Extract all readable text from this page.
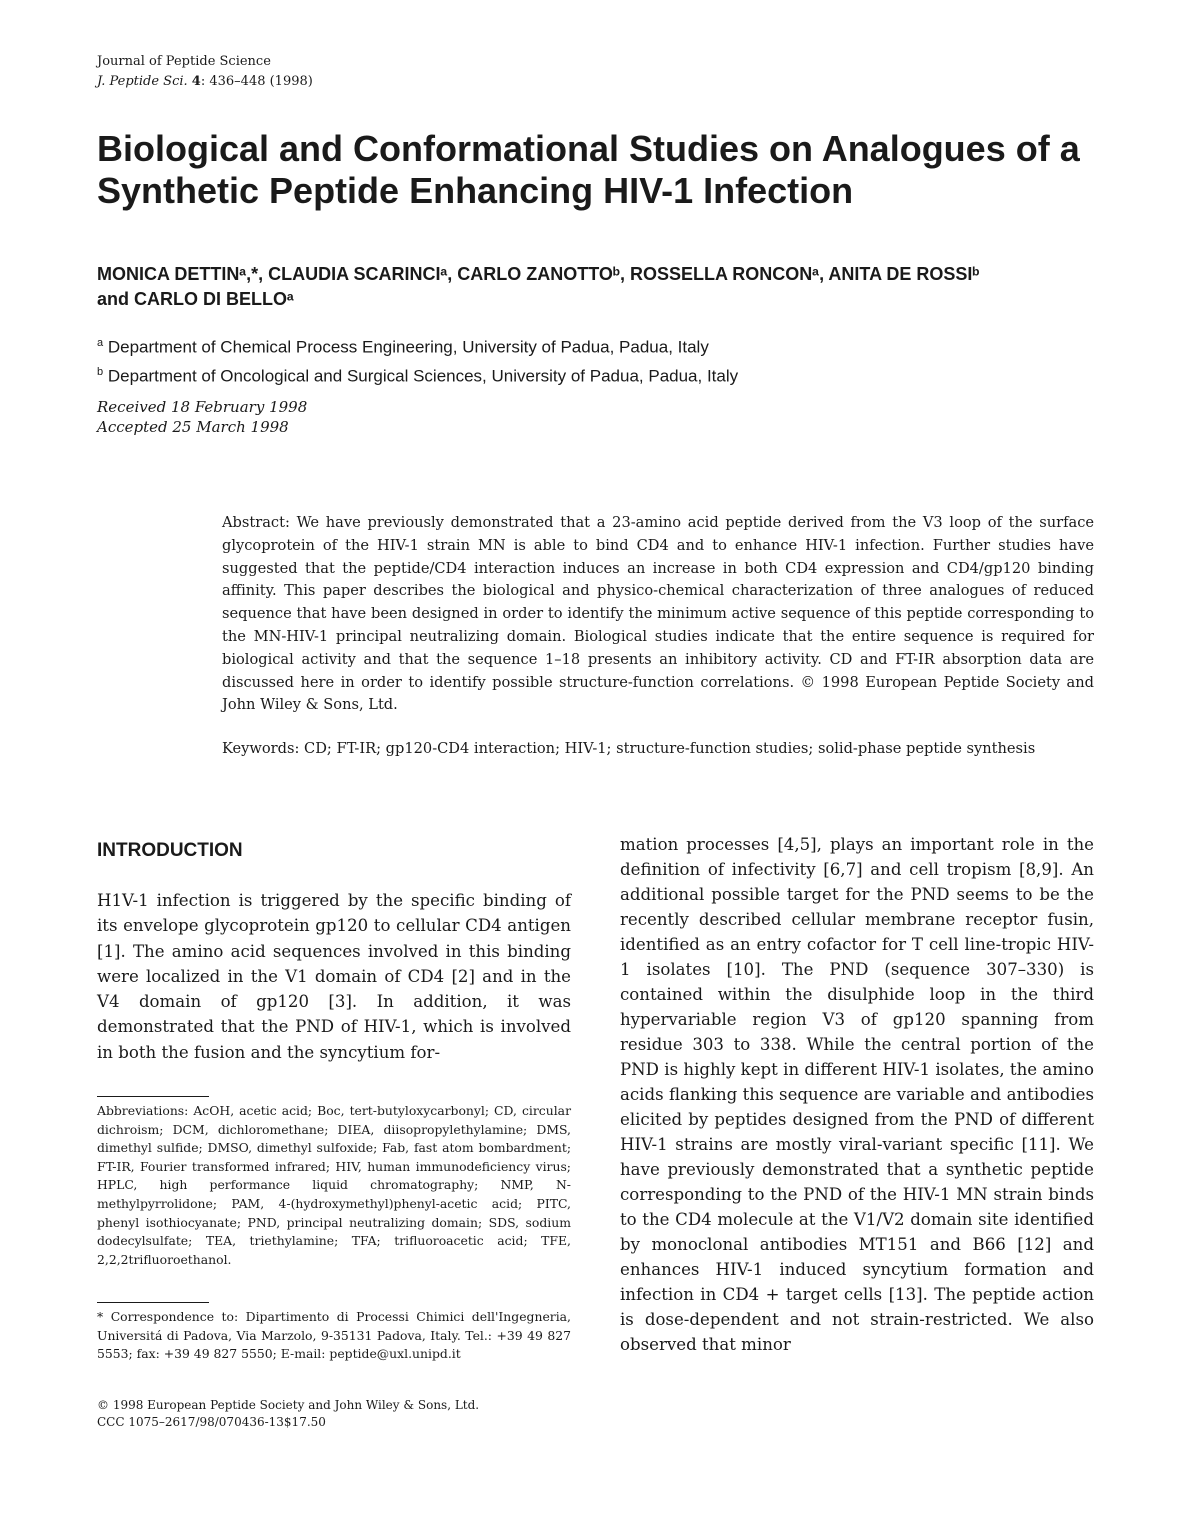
Journal of Peptide Science
J. Peptide Sci. 4: 436–448 (1998)
Biological and Conformational Studies on Analogues of a
Synthetic Peptide Enhancing HIV-1 Infection
MONICA DETTINᵃ,*, CLAUDIA SCARINCIᵃ, CARLO ZANOTTOᵇ, ROSSELLA RONCONᵃ, ANITA DE ROSSIᵇ
and CARLO DI BELLOᵃ
$^a$ Department of Chemical Process Engineering, University of Padua, Padua, Italy
$^b$ Department of Oncological and Surgical Sciences, University of Padua, Padua, Italy
Received 18 February 1998
Accepted 25 March 1998

Abstract: We have previously demonstrated that a 23-amino acid peptide derived from the V3 loop of the surface glycoprotein of the HIV-1 strain MN is able to bind CD4 and to enhance HIV-1 infection. Further studies have suggested that the peptide/CD4 interaction induces an increase in both CD4 expression and CD4/gp120 binding affinity. This paper describes the biological and physico-chemical characterization of three analogues of reduced sequence that have been designed in order to identify the minimum active sequence of this peptide corresponding to the MN-HIV-1 principal neutralizing domain. Biological studies indicate that the entire sequence is required for biological activity and that the sequence 1–18 presents an inhibitory activity. CD and FT-IR absorption data are discussed here in order to identify possible structure-function correlations. © 1998 European Peptide Society and John Wiley & Sons, Ltd.

Keywords: CD; FT-IR; gp120-CD4 interaction; HIV-1; structure-function studies; solid-phase peptide synthesis

INTRODUCTION

H1V-1 infection is triggered by the specific binding of its envelope glycoprotein gp120 to cellular CD4 antigen [1]. The amino acid sequences involved in this binding were localized in the V1 domain of CD4 [2] and in the V4 domain of gp120 [3]. In addition, it was demonstrated that the PND of HIV-1, which is involved in both the fusion and the syncytium for-

mation processes [4,5], plays an important role in the definition of infectivity [6,7] and cell tropism [8,9]. An additional possible target for the PND seems to be the recently described cellular membrane receptor fusin, identified as an entry cofactor for T cell line-tropic HIV-1 isolates [10]. The PND (sequence 307–330) is contained within the disulphide loop in the third hypervariable region V3 of gp120 spanning from residue 303 to 338. While the central portion of the PND is highly kept in different HIV-1 isolates, the amino acids flanking this sequence are variable and antibodies elicited by peptides designed from the PND of different HIV-1 strains are mostly viral-variant specific [11]. We have previously demonstrated that a synthetic peptide corresponding to the PND of the HIV-1 MN strain binds to the CD4 molecule at the V1/V2 domain site identified by monoclonal antibodies MT151 and B66 [12] and enhances HIV-1 induced syncytium formation and infection in CD4 + target cells [13]. The peptide action is dose-dependent and not strain-restricted. We also observed that minor

Abbreviations: AcOH, acetic acid; Boc, tert-butyloxycarbonyl; CD, circular dichroism; DCM, dichloromethane; DIEA, diisopropylethylamine; DMS, dimethyl sulfide; DMSO, dimethyl sulfoxide; Fab, fast atom bombardment; FT-IR, Fourier transformed infrared; HIV, human immunodeficiency virus; HPLC, high performance liquid chromatography; NMP, N-methylpyrrolidone; PAM, 4-(hydroxymethyl)phenyl-acetic acid; PITC, phenyl isothiocyanate; PND, principal neutralizing domain; SDS, sodium dodecylsulfate; TEA, triethylamine; TFA; trifluoroacetic acid; TFE, 2,2,2trifluoroethanol.

* Correspondence to: Dipartimento di Processi Chimici dell'Ingegneria, Universitá di Padova, Via Marzolo, 9-35131 Padova, Italy. Tel.: +39 49 827 5553; fax: +39 49 827 5550; E-mail: peptide@uxl.unipd.it

© 1998 European Peptide Society and John Wiley & Sons, Ltd.
CCC 1075–2617/98/070436-13$17.50
